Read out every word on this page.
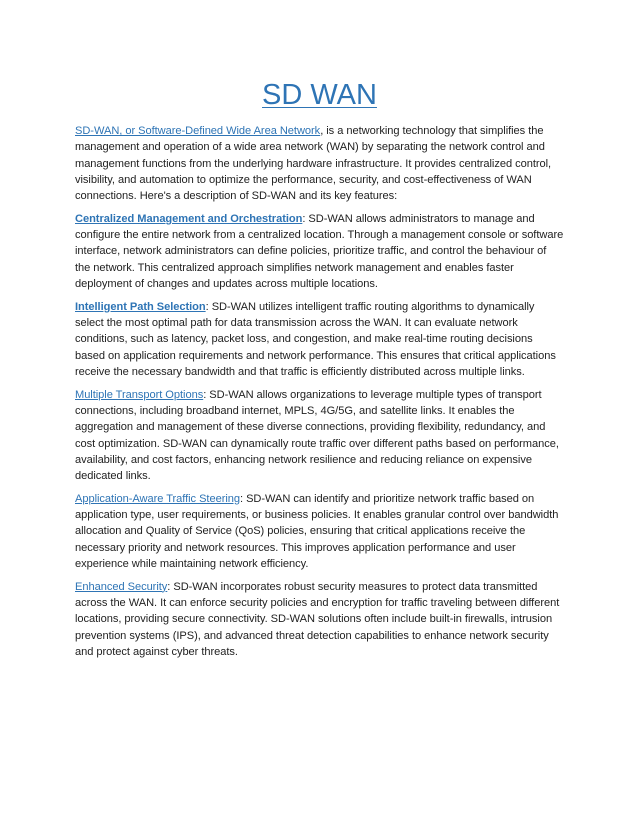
SD WAN

SD-WAN, or Software-Defined Wide Area Network, is a networking technology that simplifies the management and operation of a wide area network (WAN) by separating the network control and management functions from the underlying hardware infrastructure. It provides centralized control, visibility, and automation to optimize the performance, security, and cost-effectiveness of WAN connections. Here's a description of SD-WAN and its key features:

Centralized Management and Orchestration: SD-WAN allows administrators to manage and configure the entire network from a centralized location. Through a management console or software interface, network administrators can define policies, prioritize traffic, and control the behaviour of the network. This centralized approach simplifies network management and enables faster deployment of changes and updates across multiple locations.

Intelligent Path Selection: SD-WAN utilizes intelligent traffic routing algorithms to dynamically select the most optimal path for data transmission across the WAN. It can evaluate network conditions, such as latency, packet loss, and congestion, and make real-time routing decisions based on application requirements and network performance. This ensures that critical applications receive the necessary bandwidth and that traffic is efficiently distributed across multiple links.

Multiple Transport Options: SD-WAN allows organizations to leverage multiple types of transport connections, including broadband internet, MPLS, 4G/5G, and satellite links. It enables the aggregation and management of these diverse connections, providing flexibility, redundancy, and cost optimization. SD-WAN can dynamically route traffic over different paths based on performance, availability, and cost factors, enhancing network resilience and reducing reliance on expensive dedicated links.

Application-Aware Traffic Steering: SD-WAN can identify and prioritize network traffic based on application type, user requirements, or business policies. It enables granular control over bandwidth allocation and Quality of Service (QoS) policies, ensuring that critical applications receive the necessary priority and network resources. This improves application performance and user experience while maintaining network efficiency.

Enhanced Security: SD-WAN incorporates robust security measures to protect data transmitted across the WAN. It can enforce security policies and encryption for traffic traveling between different locations, providing secure connectivity. SD-WAN solutions often include built-in firewalls, intrusion prevention systems (IPS), and advanced threat detection capabilities to enhance network security and protect against cyber threats.
